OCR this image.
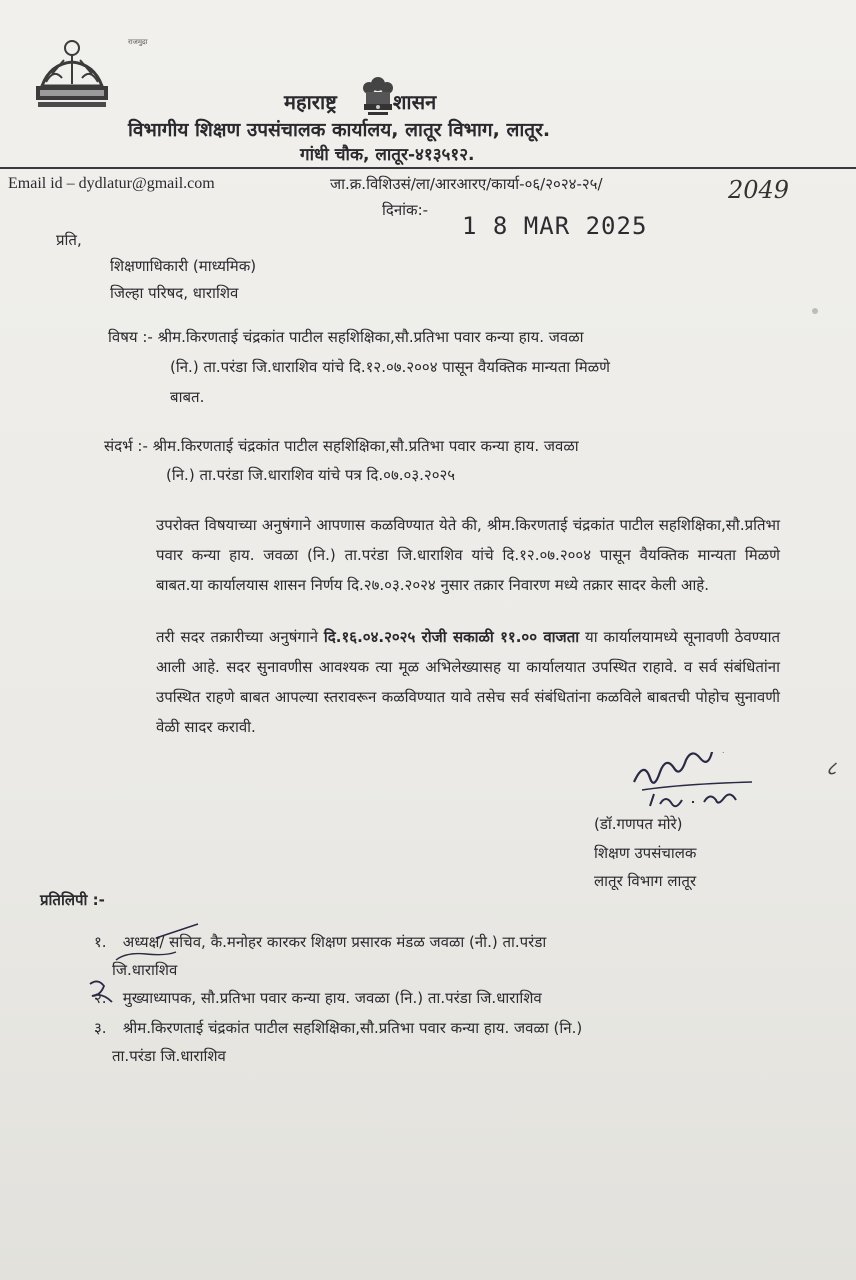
राजमुद्रा
महाराष्ट्र	शासन
विभागीय शिक्षण उपसंचालक कार्यालय, लातूर विभाग, लातूर.
गांधी चौक, लातूर-४१३५१२.
Email id – dydlatur@gmail.com	जा.क्र.विशिउसं/ला/आरआरए/कार्या-०६/२०२४-२५/	2049
दिनांक:-
1 8 MAR 2025
प्रति,
शिक्षणाधिकारी (माध्यमिक)
जिल्हा परिषद, धाराशिव
विषय :- श्रीम.किरणताई चंद्रकांत पाटील सहशिक्षिका,सौ.प्रतिभा पवार कन्या हाय. जवळा
(नि.) ता.परंडा जि.धाराशिव यांचे दि.१२.०७.२००४ पासून वैयक्तिक मान्यता मिळणे
बाबत.
संदर्भ :- श्रीम.किरणताई चंद्रकांत पाटील सहशिक्षिका,सौ.प्रतिभा पवार कन्या हाय. जवळा
(नि.) ता.परंडा जि.धाराशिव यांचे पत्र दि.०७.०३.२०२५
उपरोक्त विषयाच्या अनुषंगाने आपणास कळविण्यात येते की, श्रीम.किरणताई चंद्रकांत पाटील सहशिक्षिका,सौ.प्रतिभा पवार कन्या हाय. जवळा (नि.) ता.परंडा जि.धाराशिव यांचे दि.१२.०७.२००४ पासून वैयक्तिक मान्यता मिळणे बाबत.या कार्यालयास शासन निर्णय दि.२७.०३.२०२४ नुसार तक्रार निवारण मध्ये तक्रार सादर केली आहे.
तरी सदर तक्रारीच्या अनुषंगाने दि.१६.०४.२०२५ रोजी सकाळी ११.०० वाजता या कार्यालयामध्ये सूनावणी ठेवण्यात आली आहे. सदर सुनावणीस आवश्यक त्या मूळ अभिलेख्यासह या कार्यालयात उपस्थित राहावे. व सर्व संबंधितांना उपस्थित राहणे बाबत आपल्या स्तरावरून कळविण्यात यावे तसेच सर्व संबंधितांना कळविले बाबतची पोहोच सुनावणी वेळी सादर करावी.
८
(डॉ.गणपत मोरे)
शिक्षण उपसंचालक
लातूर विभाग लातूर
प्रतिलिपी :-
१. अध्यक्ष/ सचिव, कै.मनोहर कारकर शिक्षण प्रसारक मंडळ जवळा (नी.) ता.परंडा
जि.धाराशिव
२. मुख्याध्यापक, सौ.प्रतिभा पवार कन्या हाय. जवळा (नि.) ता.परंडा जि.धाराशिव
३. श्रीम.किरणताई चंद्रकांत पाटील सहशिक्षिका,सौ.प्रतिभा पवार कन्या हाय. जवळा (नि.)
ता.परंडा जि.धाराशिव
